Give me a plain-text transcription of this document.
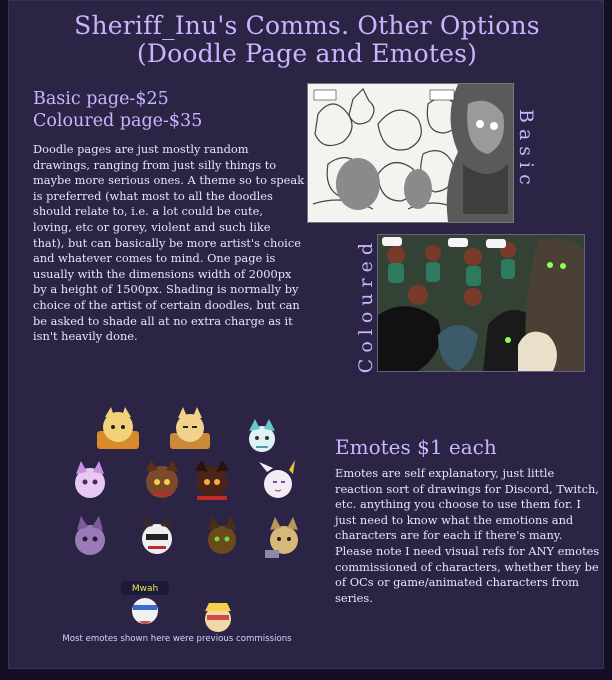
Sheriff_Inu's Comms. Other Options
(Doodle Page and Emotes)
Basic page-$25
Coloured page-$35
Doodle pages are just mostly random drawings, ranging from just silly things to maybe more serious ones. A theme so to speak is preferred (what most to all the doodles should relate to, i.e. a lot could be cute, loving, etc or gorey, violent and such like that), but can basically be more artist's choice and whatever comes to mind. One page is usually with the dimensions width of 2000px by a height of 1500px. Shading is normally by choice of the artist of certain doodles, but can be asked to shade all at no extra charge as it isn't heavily done.
Basic
Coloured
Mwah
Most emotes shown here were previous commissions
Emotes $1 each
Emotes are self explanatory, just little reaction sort of drawings for Discord, Twitch, etc. anything you choose to use them for. I just need to know what the emotions and characters are for each if there's many. Please note I need visual refs for ANY emotes commissioned of characters, whether they be of OCs or game/animated characters from series.
